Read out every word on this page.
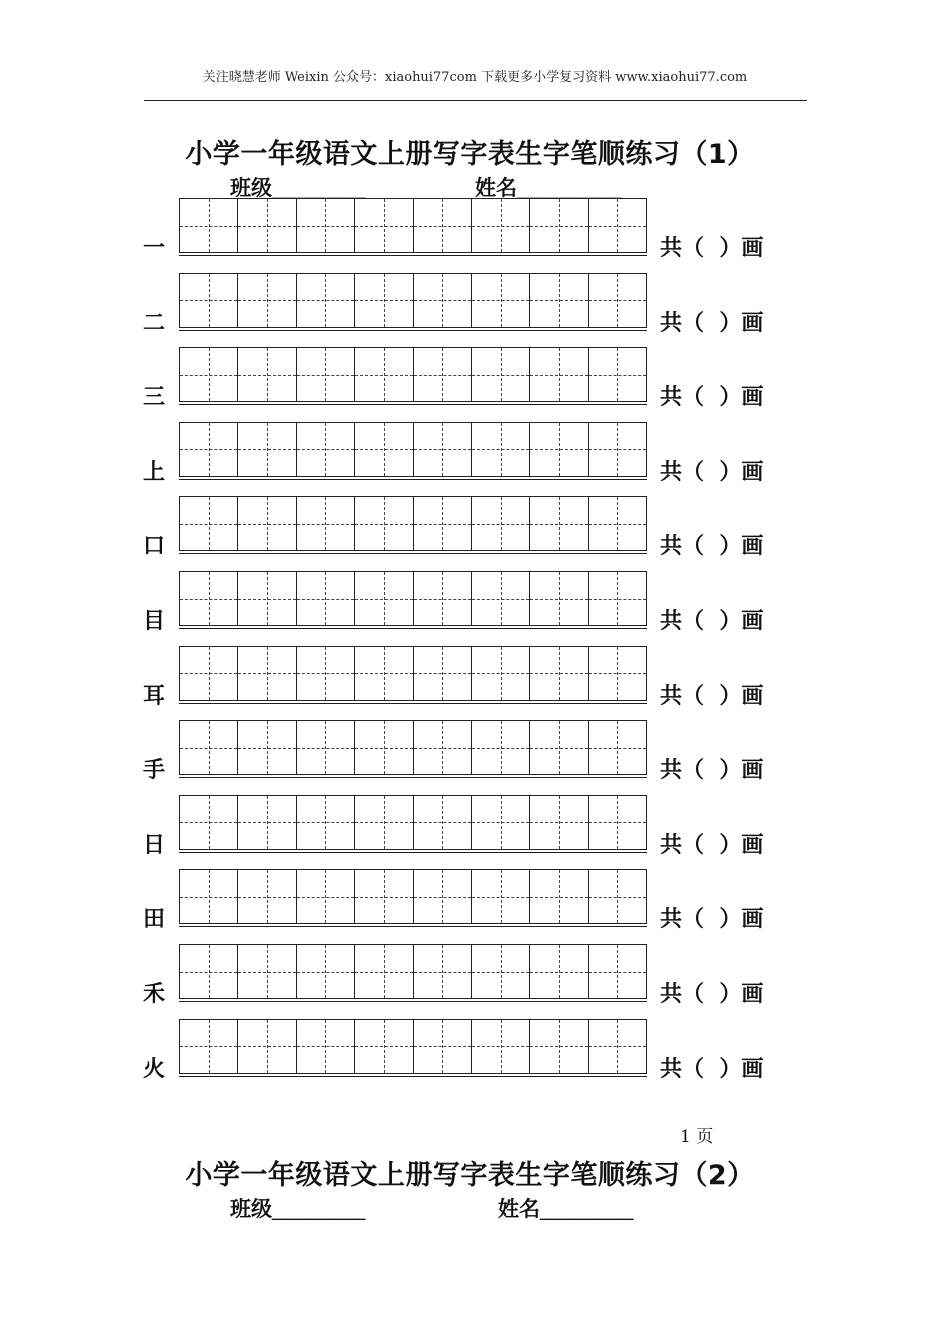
关注晓慧老师 Weixin 公众号：xiaohui77com 下载更多小学复习资料 www.xiaohui77.com
小学一年级语文上册写字表生字笔顺练习（1）
班级________	姓名_________
一	共（  ）画
二	共（  ）画
三	共（  ）画
上	共（  ）画
口	共（  ）画
目	共（  ）画
耳	共（  ）画
手	共（  ）画
日	共（  ）画
田	共（  ）画
禾	共（  ）画
火	共（  ）画
1 页
小学一年级语文上册写字表生字笔顺练习（2）
班级________	姓名________
